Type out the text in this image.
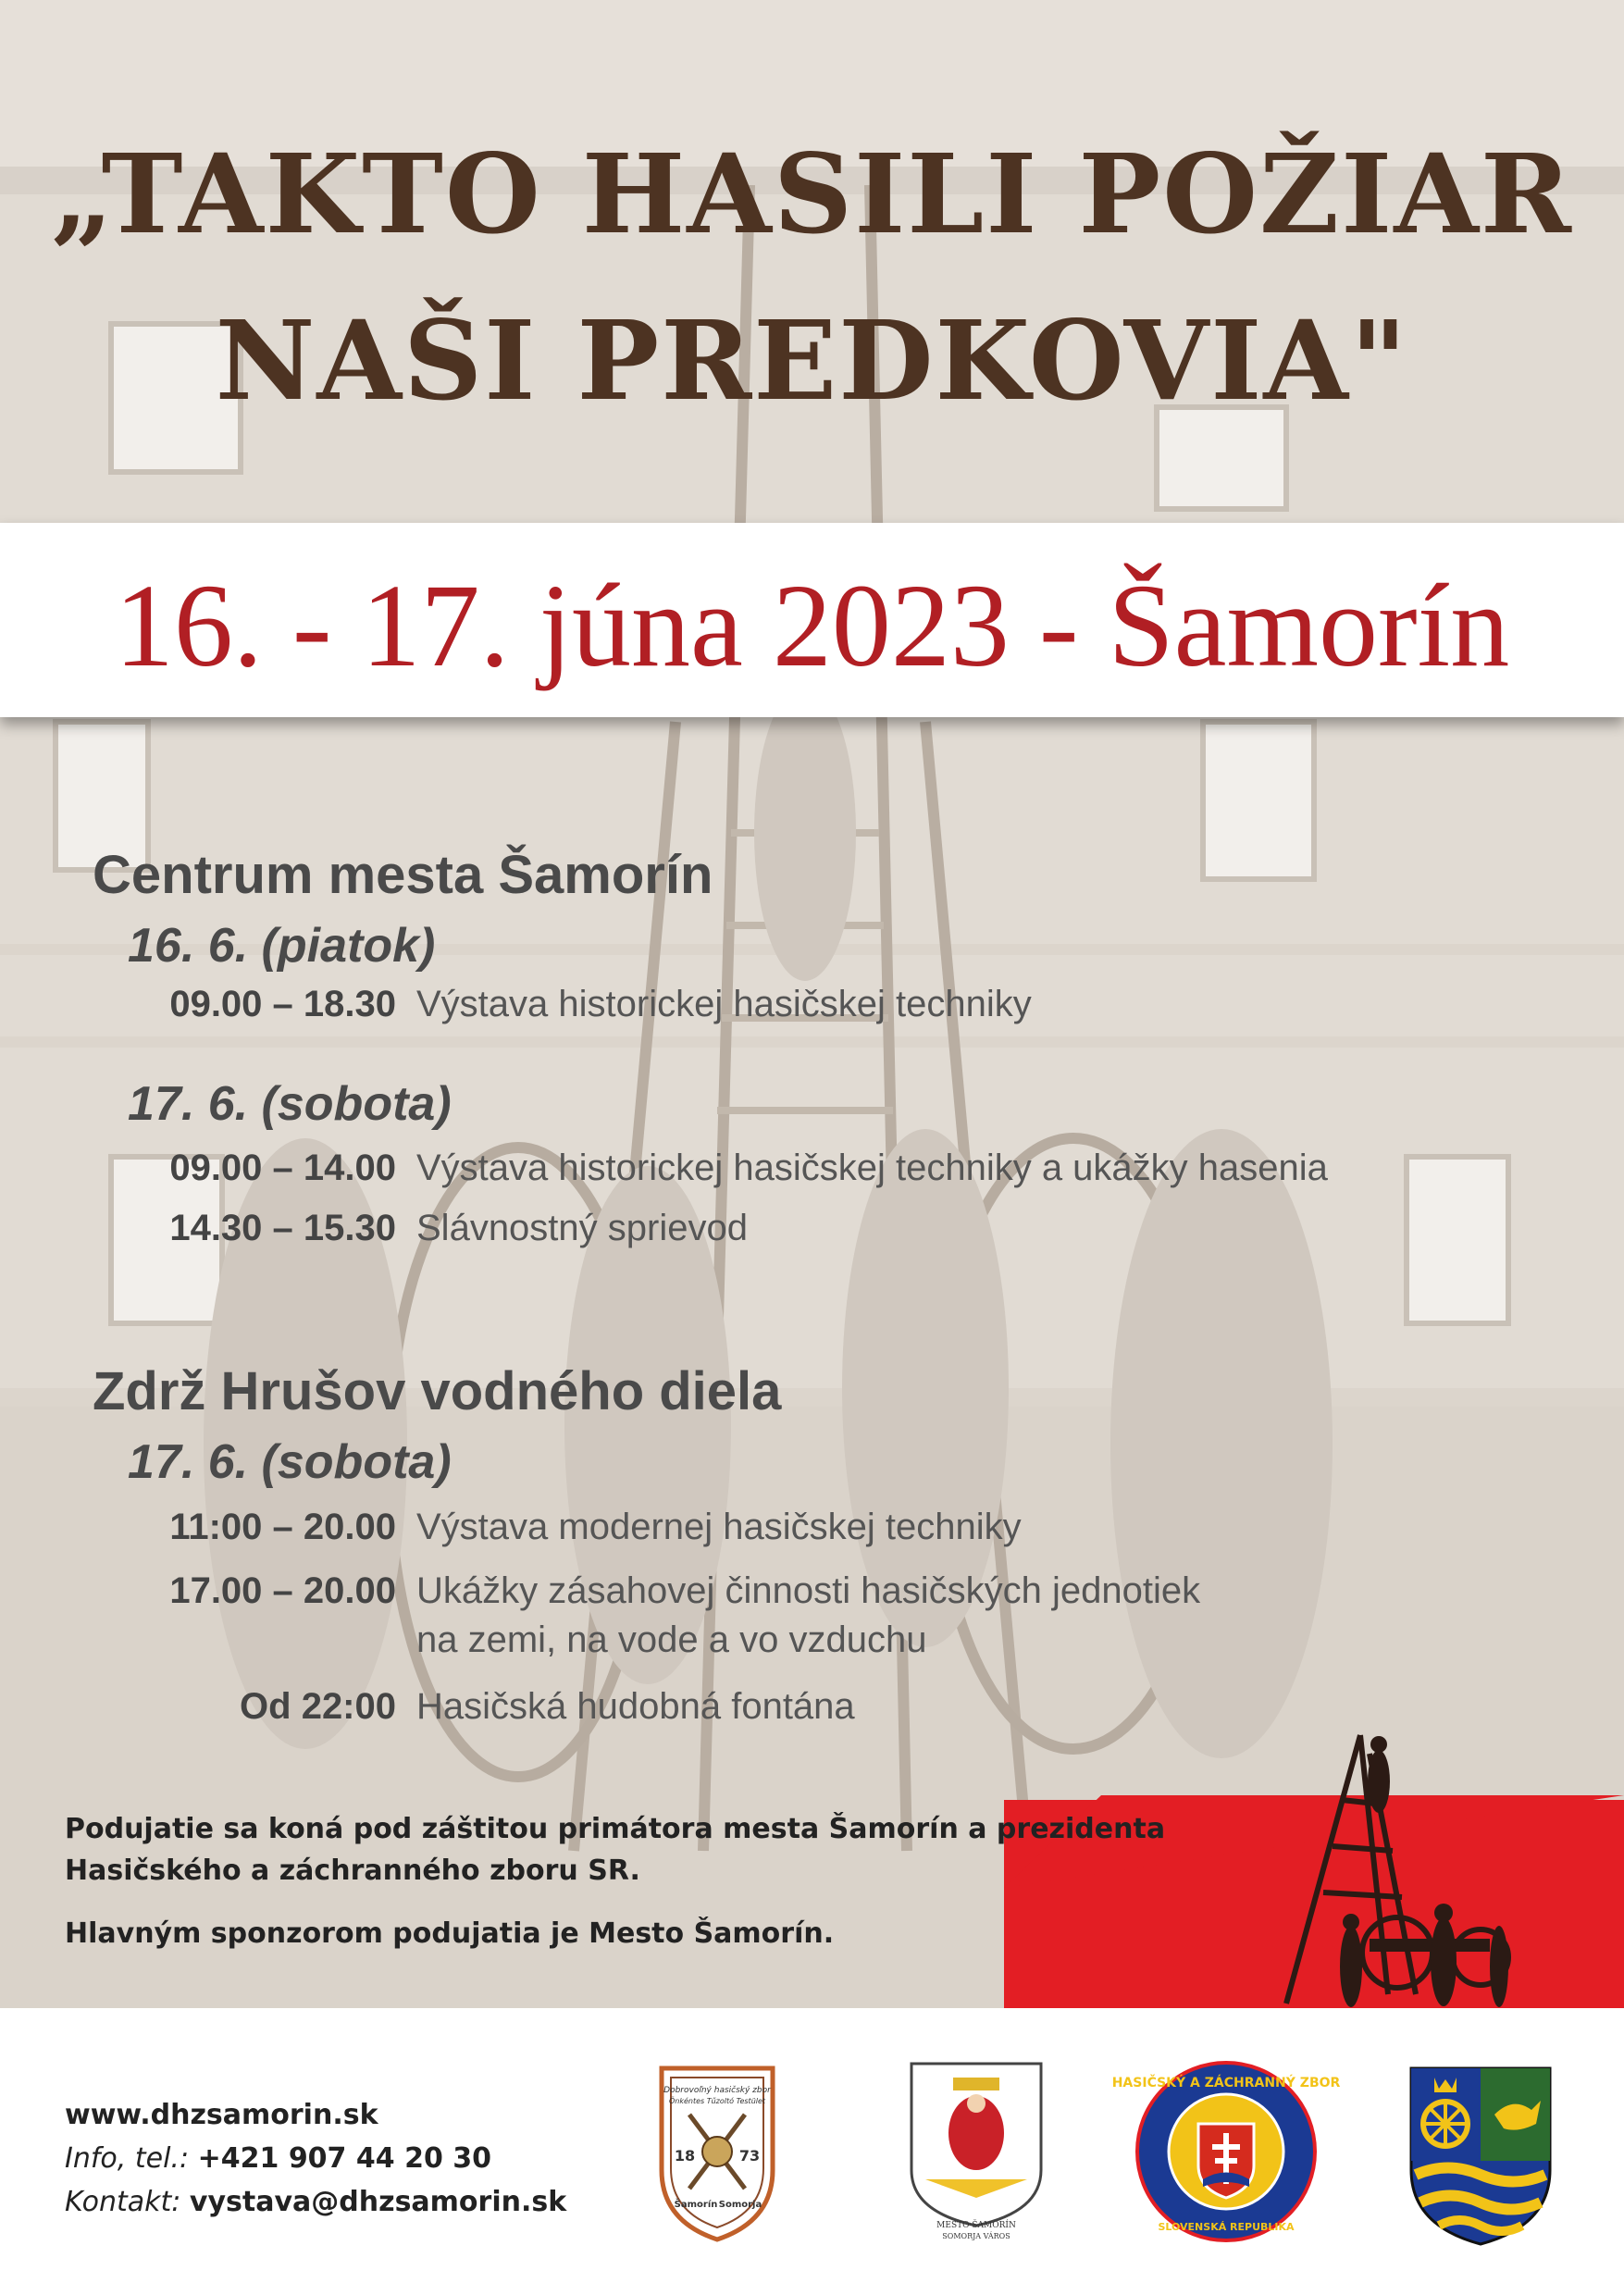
„TAKTO HASILI POŽIAR
NAŠI PREDKOVIA"
16. - 17. júna 2023 - Šamorín
Centrum mesta Šamorín
16. 6. (piatok)
09.00 – 18.30 Výstava historickej hasičskej techniky
17. 6. (sobota)
09.00 – 14.00 Výstava historickej hasičskej techniky a ukážky hasenia
14.30 – 15.30 Slávnostný sprievod
Zdrž Hrušov vodného diela
17. 6. (sobota)
11:00 – 20.00 Výstava modernej hasičskej techniky
17.00 – 20.00 Ukážky zásahovej činnosti hasičských jednotiek
na zemi, na vode a vo vzduchu
Od 22:00 Hasičská hudobná fontána
Podujatie sa koná pod záštitou primátora mesta Šamorín a prezidenta
Hasičského a záchranného zboru SR.
Hlavným sponzorom podujatia je Mesto Šamorín.
www.dhzsamorin.sk
Info, tel.: +421 907 44 20 30
Kontakt: vystava@dhzsamorin.sk
Dobrovoľný hasičský zbor
Önkéntes Tűzoltó Testület
18	73
Šamorín Somorja
MESTO ŠAMORÍN
SOMORJA VÁROS
HASIČSKÝ A ZÁCHRANNÝ ZBOR
SLOVENSKÁ REPUBLIKA
